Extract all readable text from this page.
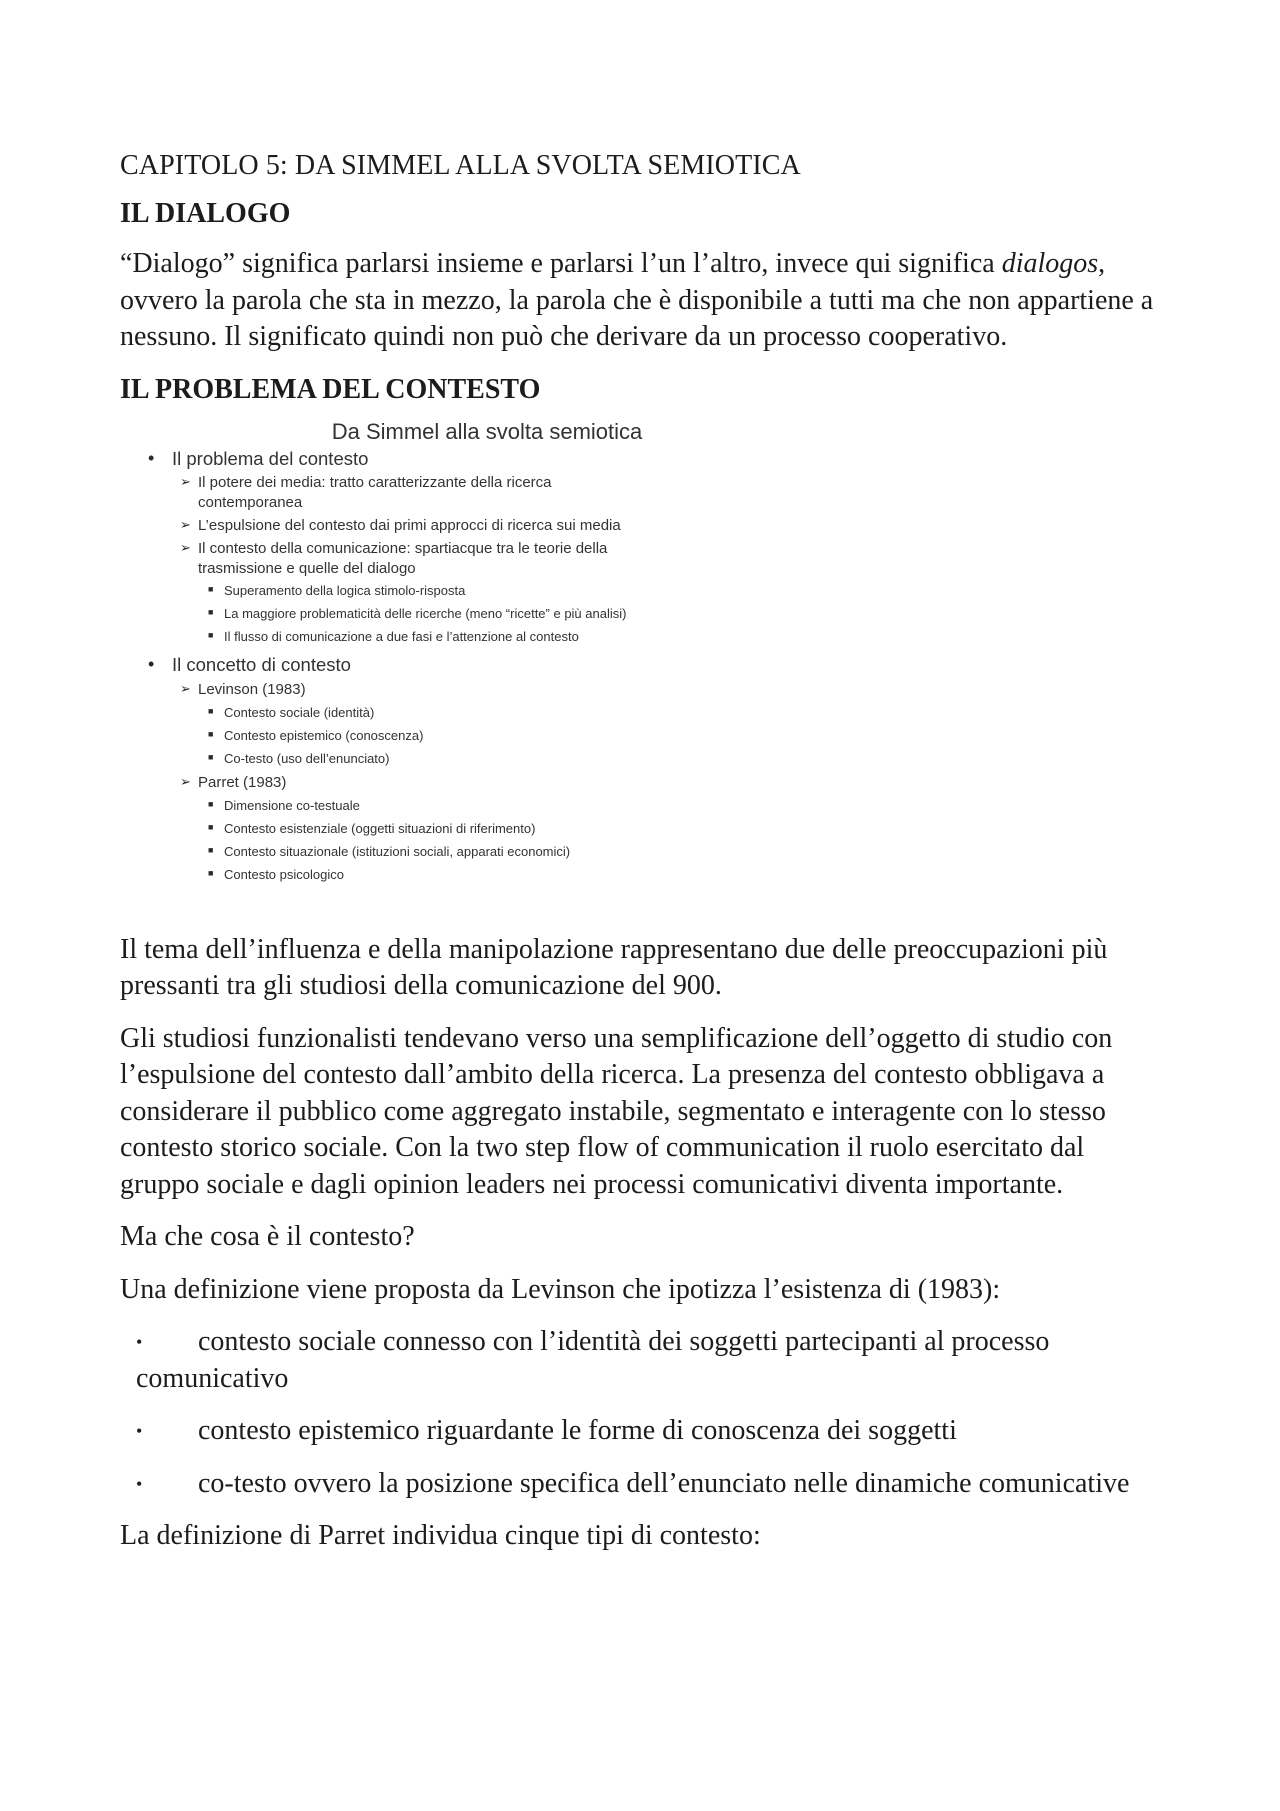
CAPITOLO 5: DA SIMMEL ALLA SVOLTA SEMIOTICA

IL DIALOGO

“Dialogo” significa parlarsi insieme e parlarsi l’un l’altro, invece qui significa dialogos, ovvero la parola che sta in mezzo, la parola che è disponibile a tutti ma che non appartiene a nessuno. Il significato quindi non può che derivare da un processo cooperativo.

IL PROBLEMA DEL CONTESTO

Da Simmel alla svolta semiotica
• Il problema del contesto
➢ Il potere dei media: tratto caratterizzante della ricerca
contemporanea
➢ L’espulsione del contesto dai primi approcci di ricerca sui media
➢ Il contesto della comunicazione: spartiacque tra le teorie della
trasmissione e quelle del dialogo
■ Superamento della logica stimolo-risposta
■ La maggiore problematicità delle ricerche (meno “ricette” e più analisi)
■ Il flusso di comunicazione a due fasi e l’attenzione al contesto
• Il concetto di contesto
➢ Levinson (1983)
■ Contesto sociale (identità)
■ Contesto epistemico (conoscenza)
■ Co-testo (uso dell’enunciato)
➢ Parret (1983)
■ Dimensione co-testuale
■ Contesto esistenziale (oggetti situazioni di riferimento)
■ Contesto situazionale (istituzioni sociali, apparati economici)
■ Contesto psicologico

Il tema dell’influenza e della manipolazione rappresentano due delle preoccupazioni più pressanti tra gli studiosi della comunicazione del 900.

Gli studiosi funzionalisti tendevano verso una semplificazione dell’oggetto di studio con l’espulsione del contesto dall’ambito della ricerca. La presenza del contesto obbligava a considerare il pubblico come aggregato instabile, segmentato e interagente con lo stesso contesto storico sociale. Con la two step flow of communication il ruolo esercitato dal gruppo sociale e dagli opinion leaders nei processi comunicativi diventa importante.

Ma che cosa è il contesto?

Una definizione viene proposta da Levinson che ipotizza l’esistenza di (1983):

• contesto sociale connesso con l’identità dei soggetti partecipanti al processo comunicativo
• contesto epistemico riguardante le forme di conoscenza dei soggetti
• co-testo ovvero la posizione specifica dell’enunciato nelle dinamiche comunicative

La definizione di Parret individua cinque tipi di contesto:
